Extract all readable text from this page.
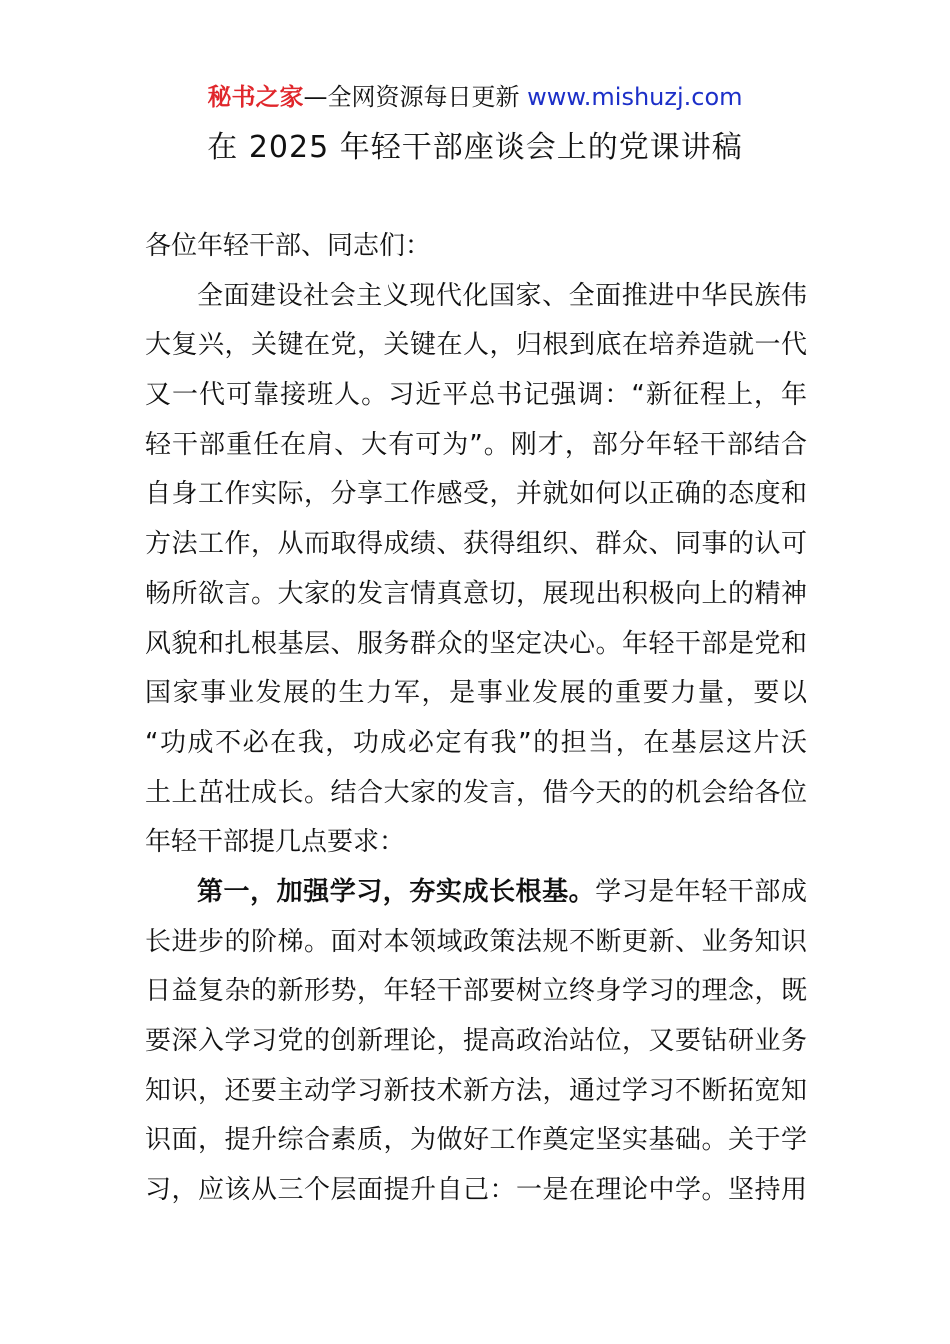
秘书之家—全网资源每日更新 www.mishuzj.com
在 2025 年轻干部座谈会上的党课讲稿
各位年轻干部、同志们：
全面建设社会主义现代化国家、全面推进中华民族伟
大复兴，关键在党，关键在人，归根到底在培养造就一代
又一代可靠接班人。习近平总书记强调：“新征程上，年
轻干部重任在肩、大有可为”。刚才，部分年轻干部结合
自身工作实际，分享工作感受，并就如何以正确的态度和
方法工作，从而取得成绩、获得组织、群众、同事的认可
畅所欲言。大家的发言情真意切，展现出积极向上的精神
风貌和扎根基层、服务群众的坚定决心。年轻干部是党和
国家事业发展的生力军，是事业发展的重要力量，要以
“功成不必在我，功成必定有我”的担当，在基层这片沃
土上茁壮成长。结合大家的发言，借今天的的机会给各位
年轻干部提几点要求：
第一，加强学习，夯实成长根基。学习是年轻干部成
长进步的阶梯。面对本领域政策法规不断更新、业务知识
日益复杂的新形势，年轻干部要树立终身学习的理念，既
要深入学习党的创新理论，提高政治站位，又要钻研业务
知识，还要主动学习新技术新方法，通过学习不断拓宽知
识面，提升综合素质，为做好工作奠定坚实基础。关于学
习，应该从三个层面提升自己：一是在理论中学。坚持用
